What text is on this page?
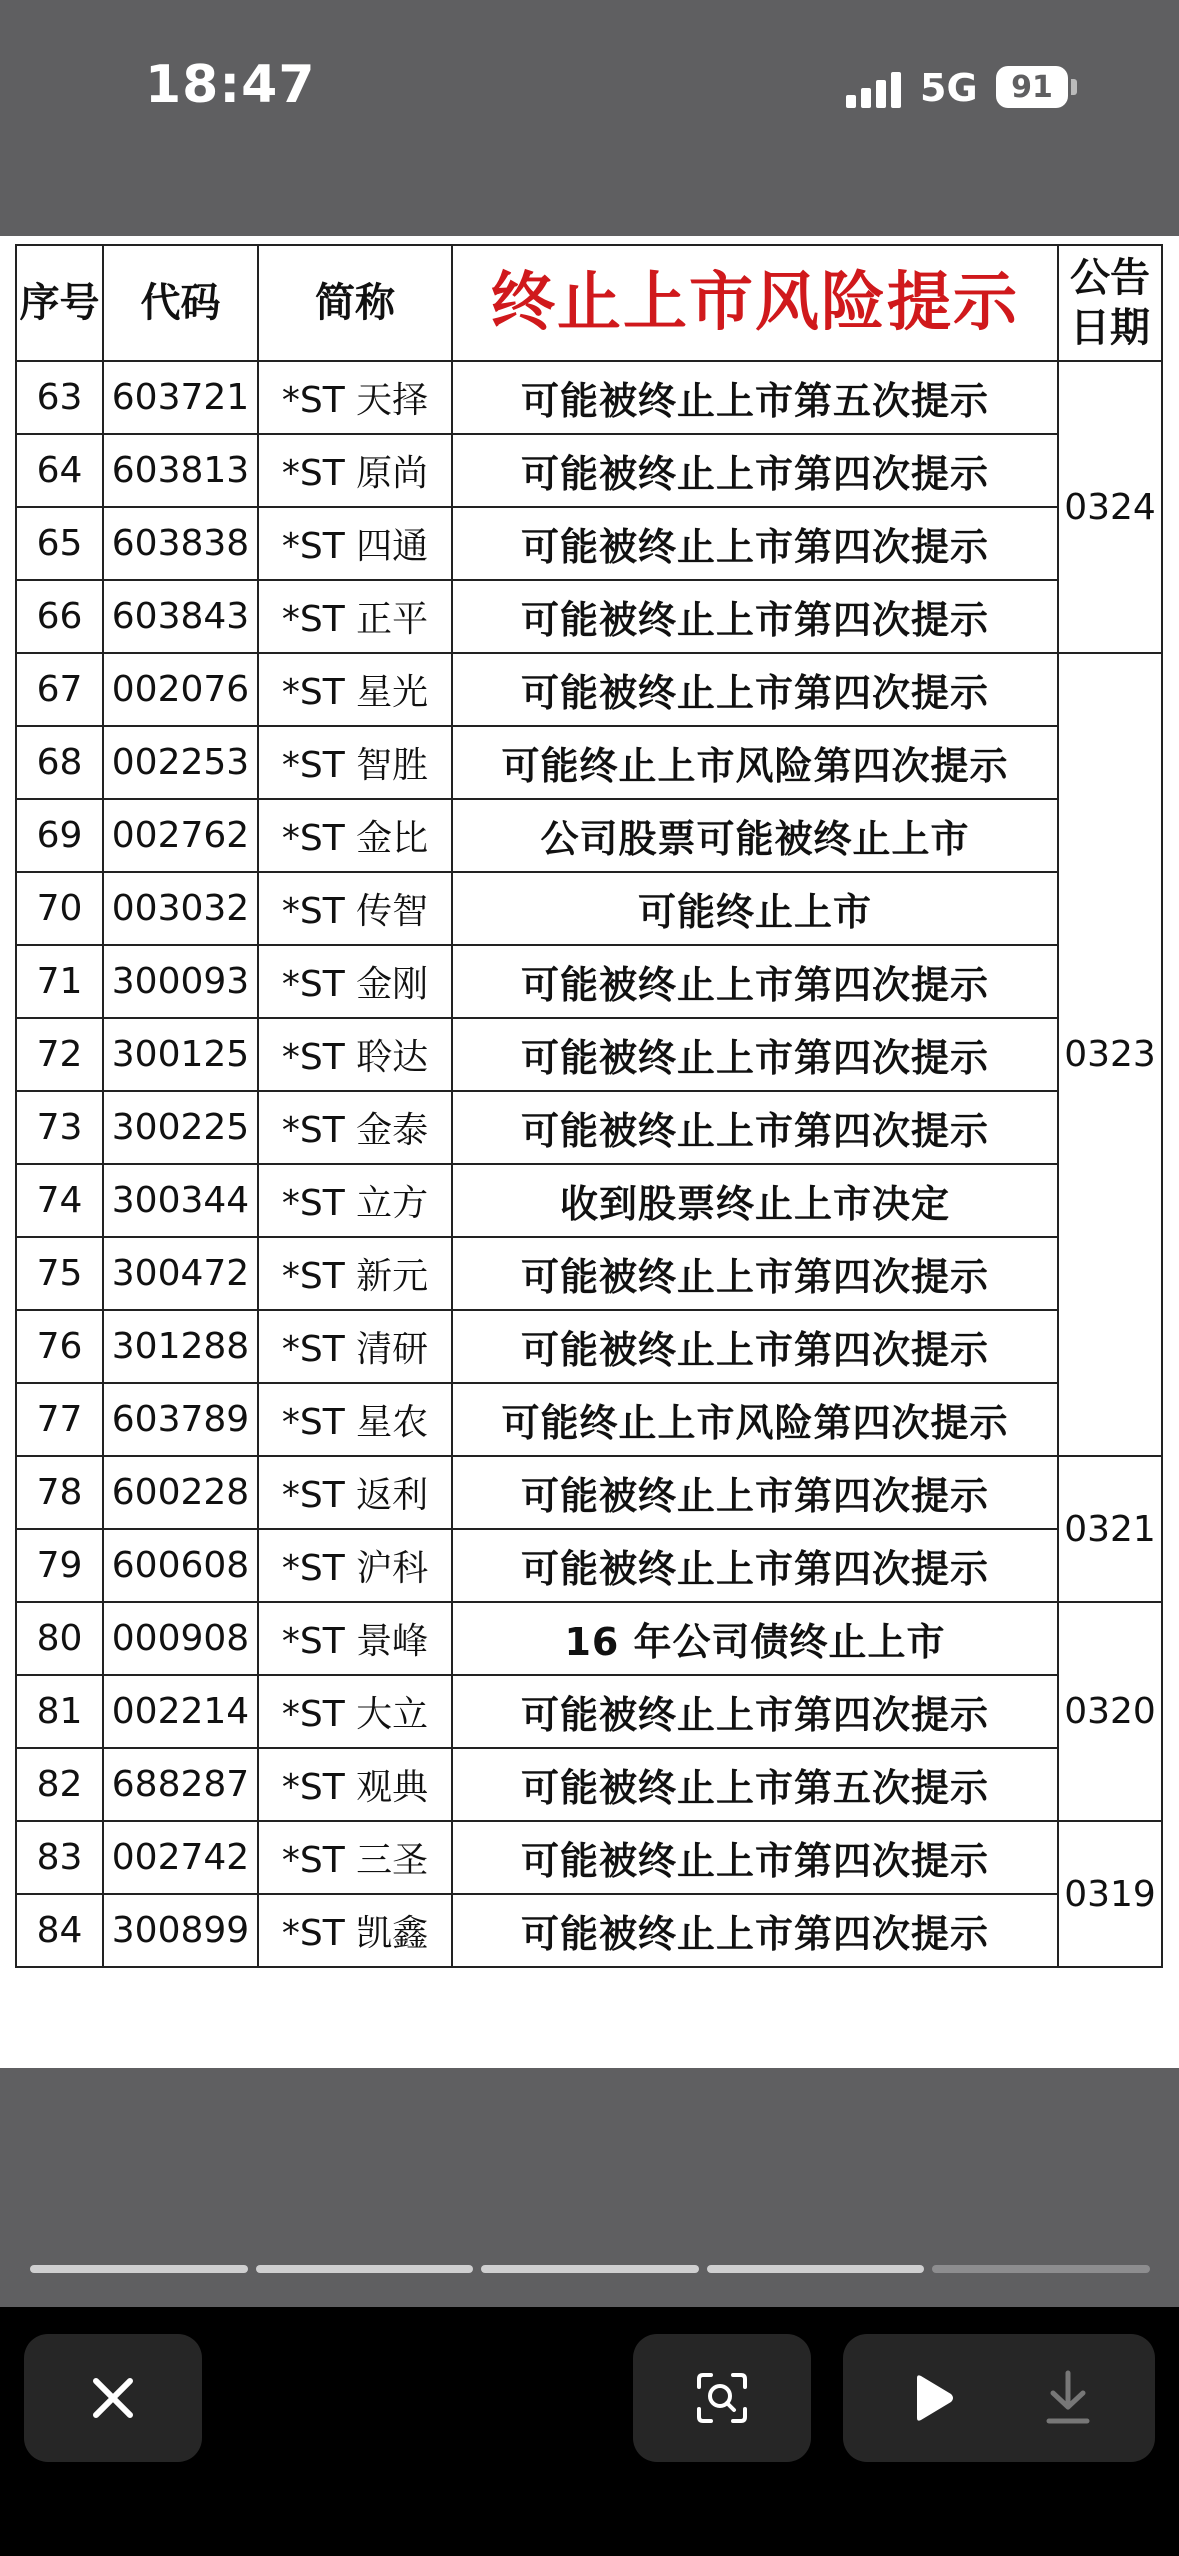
18:47	5G 91
序号	代码	简称	终止上市风险提示	公告日期
63	603721	*ST 天择	可能被终止上市第五次提示	0324
64	603813	*ST 原尚	可能被终止上市第四次提示	
65	603838	*ST 四通	可能被终止上市第四次提示	
66	603843	*ST 正平	可能被终止上市第四次提示	
67	002076	*ST 星光	可能被终止上市第四次提示	0323
68	002253	*ST 智胜	可能终止上市风险第四次提示	
69	002762	*ST 金比	公司股票可能被终止上市	
70	003032	*ST 传智	可能终止上市	
71	300093	*ST 金刚	可能被终止上市第四次提示	
72	300125	*ST 聆达	可能被终止上市第四次提示	
73	300225	*ST 金泰	可能被终止上市第四次提示	
74	300344	*ST 立方	收到股票终止上市决定	
75	300472	*ST 新元	可能被终止上市第四次提示	
76	301288	*ST 清研	可能被终止上市第四次提示	
77	603789	*ST 星农	可能终止上市风险第四次提示	
78	600228	*ST 返利	可能被终止上市第四次提示	0321
79	600608	*ST 沪科	可能被终止上市第四次提示	
80	000908	*ST 景峰	16 年公司债终止上市	0320
81	002214	*ST 大立	可能被终止上市第四次提示	
82	688287	*ST 观典	可能被终止上市第五次提示	
83	002742	*ST 三圣	可能被终止上市第四次提示	0319
84	300899	*ST 凯鑫	可能被终止上市第四次提示	
